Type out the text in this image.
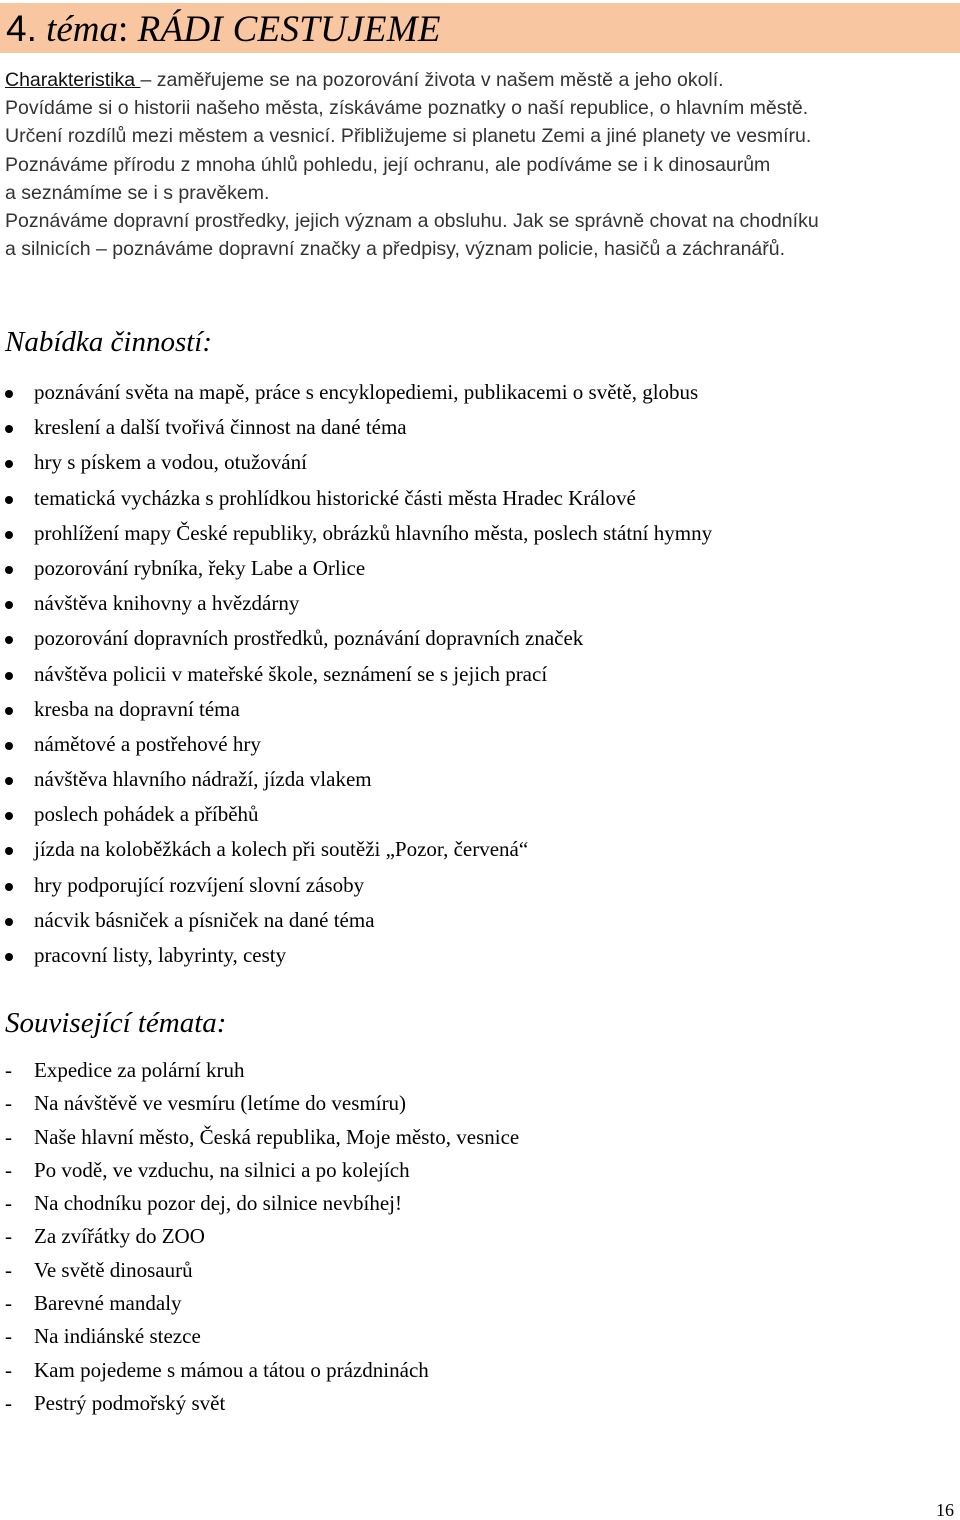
4. téma: RÁDI CESTUJEME

Charakteristika – zaměřujeme se na pozorování života v našem městě a jeho okolí.

Povídáme si o historii našeho města, získáváme poznatky o naší republice, o hlavním městě.

Určení rozdílů mezi městem a vesnicí. Přibližujeme si planetu Zemi a jiné planety ve vesmíru.

Poznáváme přírodu z mnoha úhlů pohledu, její ochranu, ale podíváme se i k dinosaurům

a seznámíme se i s pravěkem.

Poznáváme dopravní prostředky, jejich význam a obsluhu. Jak se správně chovat na chodníku

a silnicích – poznáváme dopravní značky a předpisy, význam policie, hasičů a záchranářů.

Nabídka činností:
poznávání světa na mapě, práce s encyklopediemi, publikacemi o světě, globus
kreslení a další tvořivá činnost na dané téma
hry s pískem a vodou, otužování
tematická vycházka s prohlídkou historické části města Hradec Králové
prohlížení mapy České republiky, obrázků hlavního města, poslech státní hymny
pozorování rybníka, řeky Labe a Orlice
návštěva knihovny a hvězdárny
pozorování dopravních prostředků, poznávání dopravních značek
návštěva policii v mateřské škole, seznámení se s jejich prací
kresba na dopravní téma
námětové a postřehové hry
návštěva hlavního nádraží, jízda vlakem
poslech pohádek a příběhů
jízda na koloběžkách a kolech při soutěži „Pozor, červená“
hry podporující rozvíjení slovní zásoby
nácvik básniček a písniček na dané téma
pracovní listy, labyrinty, cesty
Související témata:
- Expedice za polární kruh
- Na návštěvě ve vesmíru (letíme do vesmíru)
- Naše hlavní město, Česká republika, Moje město, vesnice
- Po vodě, ve vzduchu, na silnici a po kolejích
- Na chodníku pozor dej, do silnice nevbíhej!
- Za zvířátky do ZOO
- Ve světě dinosaurů
- Barevné mandaly
- Na indiánské stezce
- Kam pojedeme s mámou a tátou o prázdninách
- Pestrý podmořský svět
16
